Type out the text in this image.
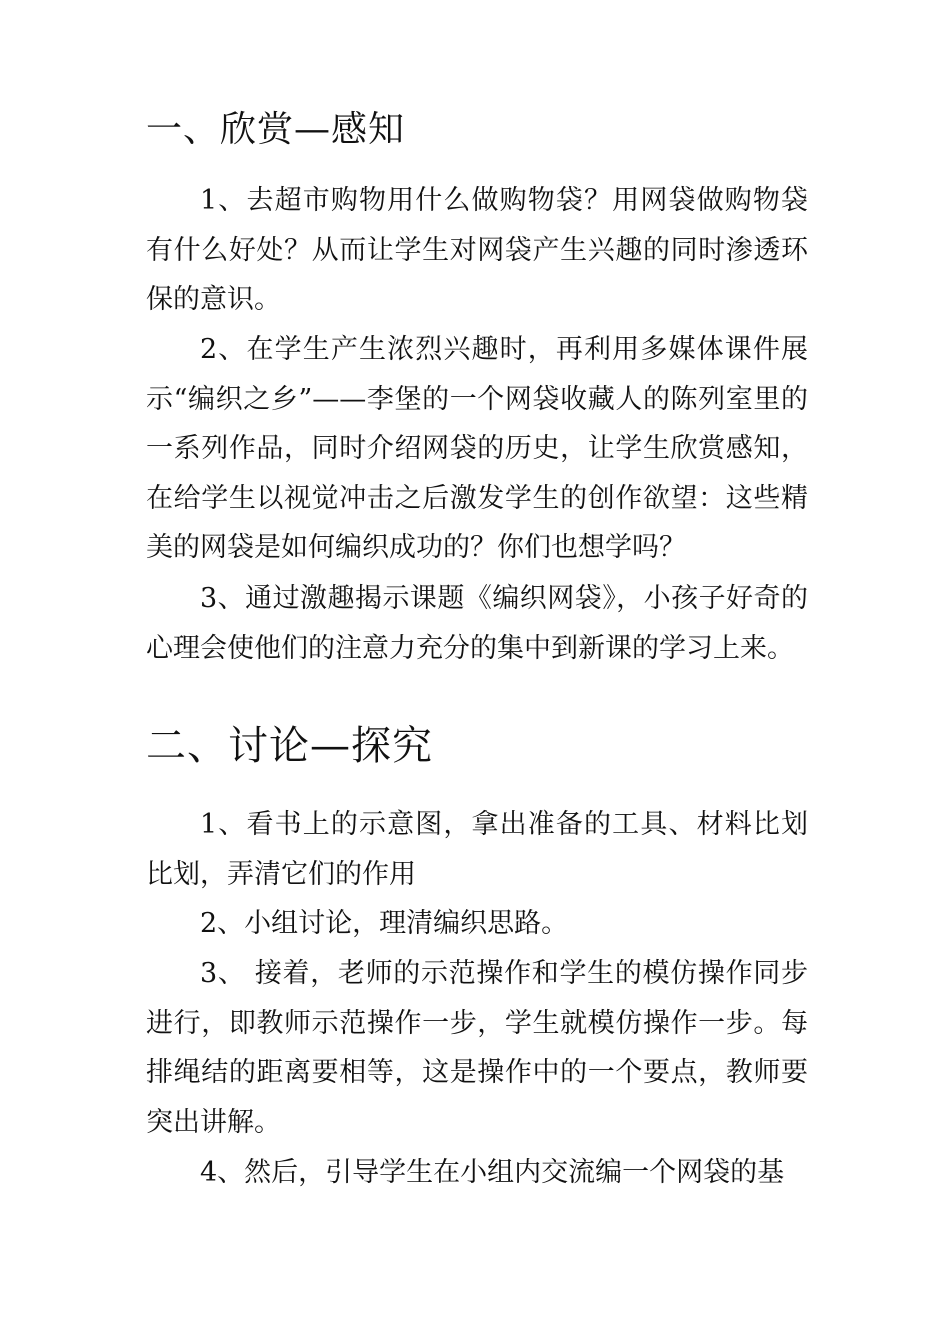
一、欣赏—感知

1、去超市购物用什么做购物袋？用网袋做购物袋有什么好处？从而让学生对网袋产生兴趣的同时渗透环保的意识。

2、在学生产生浓烈兴趣时，再利用多媒体课件展示“编织之乡”——李堡的一个网袋收藏人的陈列室里的一系列作品，同时介绍网袋的历史，让学生欣赏感知，在给学生以视觉冲击之后激发学生的创作欲望：这些精美的网袋是如何编织成功的？你们也想学吗？

3、通过激趣揭示课题《编织网袋》，小孩子好奇的心理会使他们的注意力充分的集中到新课的学习上来。

二、讨论—探究

1、看书上的示意图，拿出准备的工具、材料比划比划，弄清它们的作用

2、小组讨论，理清编织思路。

3、 接着，老师的示范操作和学生的模仿操作同步进行，即教师示范操作一步，学生就模仿操作一步。每排绳结的距离要相等，这是操作中的一个要点，教师要突出讲解。

4、然后，引导学生在小组内交流编一个网袋的基
